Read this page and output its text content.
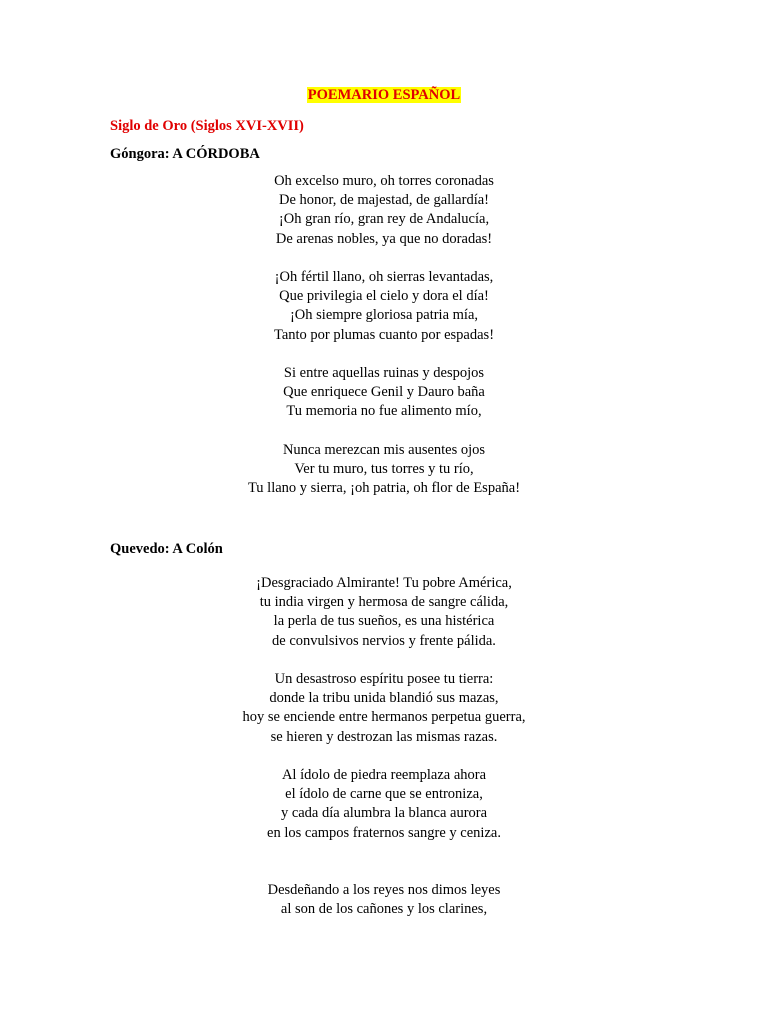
POEMARIO ESPAÑOL
Siglo de Oro (Siglos XVI-XVII)
Góngora: A CÓRDOBA
Oh excelso muro, oh torres coronadas
De honor, de majestad, de gallardía!
¡Oh gran río, gran rey de Andalucía,
De arenas nobles, ya que no doradas!
¡Oh fértil llano, oh sierras levantadas,
Que privilegia el cielo y dora el día!
¡Oh siempre gloriosa patria mía,
Tanto por plumas cuanto por espadas!
Si entre aquellas ruinas y despojos
Que enriquece Genil y Dauro baña
Tu memoria no fue alimento mío,
Nunca merezcan mis ausentes ojos
Ver tu muro, tus torres y tu río,
Tu llano y sierra, ¡oh patria, oh flor de España!
Quevedo: A Colón
¡Desgraciado Almirante! Tu pobre América,
tu india virgen y hermosa de sangre cálida,
la perla de tus sueños, es una histérica
de convulsivos nervios y frente pálida.
Un desastroso espíritu posee tu tierra:
donde la tribu unida blandió sus mazas,
hoy se enciende entre hermanos perpetua guerra,
se hieren y destrozan las mismas razas.
Al ídolo de piedra reemplaza ahora
el ídolo de carne que se entroniza,
y cada día alumbra la blanca aurora
en los campos fraternos sangre y ceniza.
Desdeñando a los reyes nos dimos leyes
al son de los cañones y los clarines,
